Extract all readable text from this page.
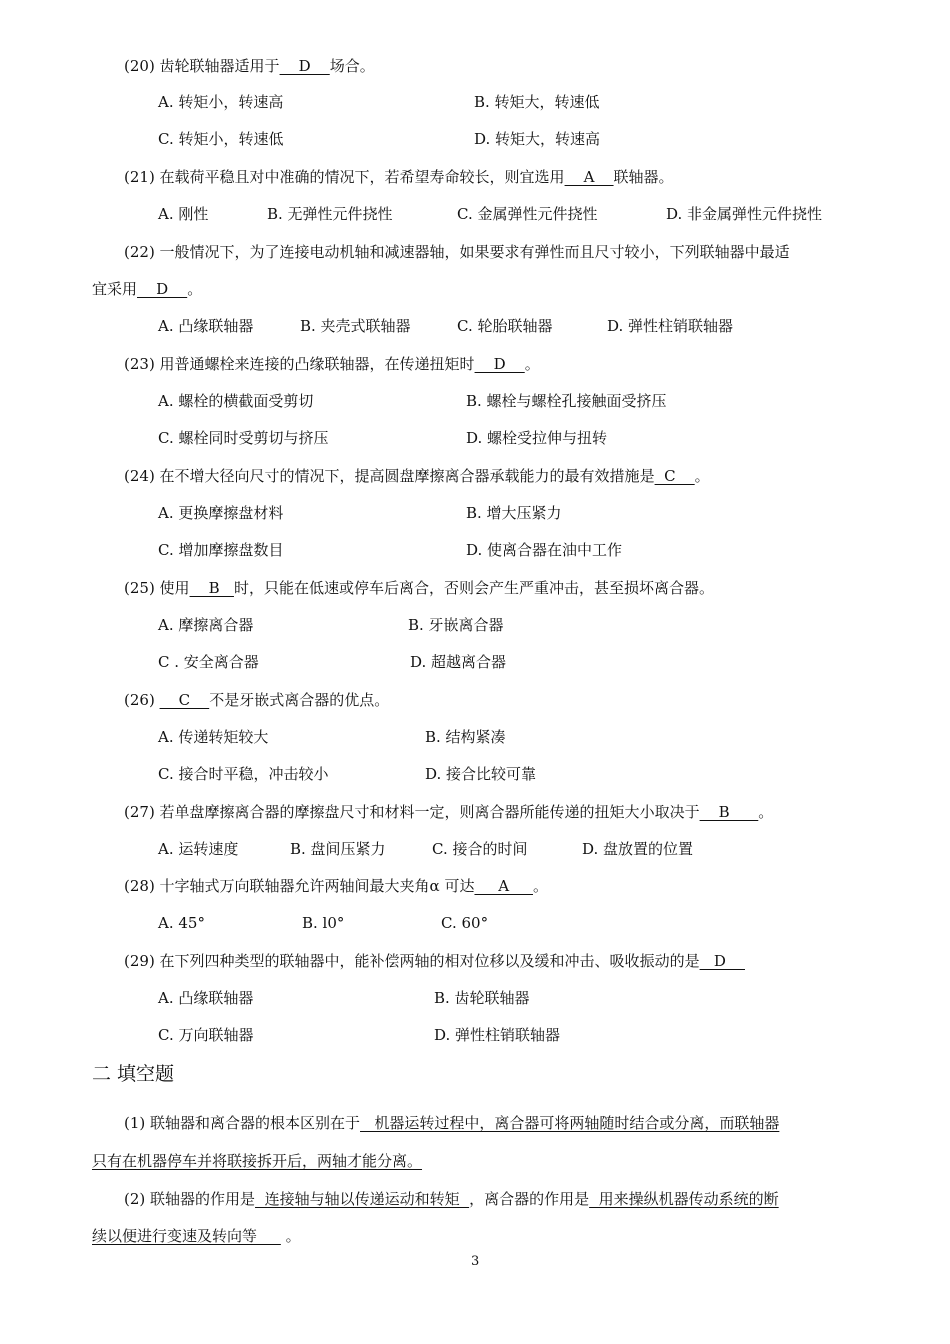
(20) 齿轮联轴器适用于    D    场合。
A. 转矩小，转速高	B. 转矩大，转速低
C. 转矩小，转速低	D. 转矩大，转速高
(21) 在载荷平稳且对中准确的情况下，若希望寿命较长，则宜选用    A    联轴器。
A. 刚性	B. 无弹性元件挠性	C. 金属弹性元件挠性	D. 非金属弹性元件挠性
(22) 一般情况下，为了连接电动机轴和减速器轴，如果要求有弹性而且尺寸较小，下列联轴器中最适
宜采用    D    。
A. 凸缘联轴器	B. 夹壳式联轴器	C. 轮胎联轴器	D. 弹性柱销联轴器
(23) 用普通螺栓来连接的凸缘联轴器，在传递扭矩时    D    。
A. 螺栓的横截面受剪切	B. 螺栓与螺栓孔接触面受挤压
C. 螺栓同时受剪切与挤压	D. 螺栓受拉伸与扭转
(24) 在不增大径向尺寸的情况下，提高圆盘摩擦离合器承载能力的最有效措施是  C    。
A. 更换摩擦盘材料	B. 增大压紧力
C. 增加摩擦盘数目	D. 使离合器在油中工作
(25) 使用    B   时，只能在低速或停车后离合，否则会产生严重冲击，甚至损坏离合器。
A. 摩擦离合器	B. 牙嵌离合器
C . 安全离合器	D. 超越离合器
(26)     C    不是牙嵌式离合器的优点。
A. 传递转矩较大	B. 结构紧凑
C. 接合时平稳，冲击较小	D. 接合比较可靠
(27) 若单盘摩擦离合器的摩擦盘尺寸和材料一定，则离合器所能传递的扭矩大小取决于    B      。
A. 运转速度	B. 盘间压紧力	C. 接合的时间	D. 盘放置的位置
(28) 十字轴式万向联轴器允许两轴间最大夹角α 可达     A     。
A. 45°	B. l0°	C. 60°
(29) 在下列四种类型的联轴器中，能补偿两轴的相对位移以及缓和冲击、吸收振动的是   D
A. 凸缘联轴器	B. 齿轮联轴器
C. 万向联轴器	D. 弹性柱销联轴器
二 填空题
(1) 联轴器和离合器的根本区别在于   机器运转过程中，离合器可将两轴随时结合或分离，而联轴器
只有在机器停车并将联接拆开后，两轴才能分离。
(2) 联轴器的作用是  连接轴与轴以传递运动和转矩  ，离合器的作用是  用来操纵机器传动系统的断
续以便进行变速及转向等      。
3
